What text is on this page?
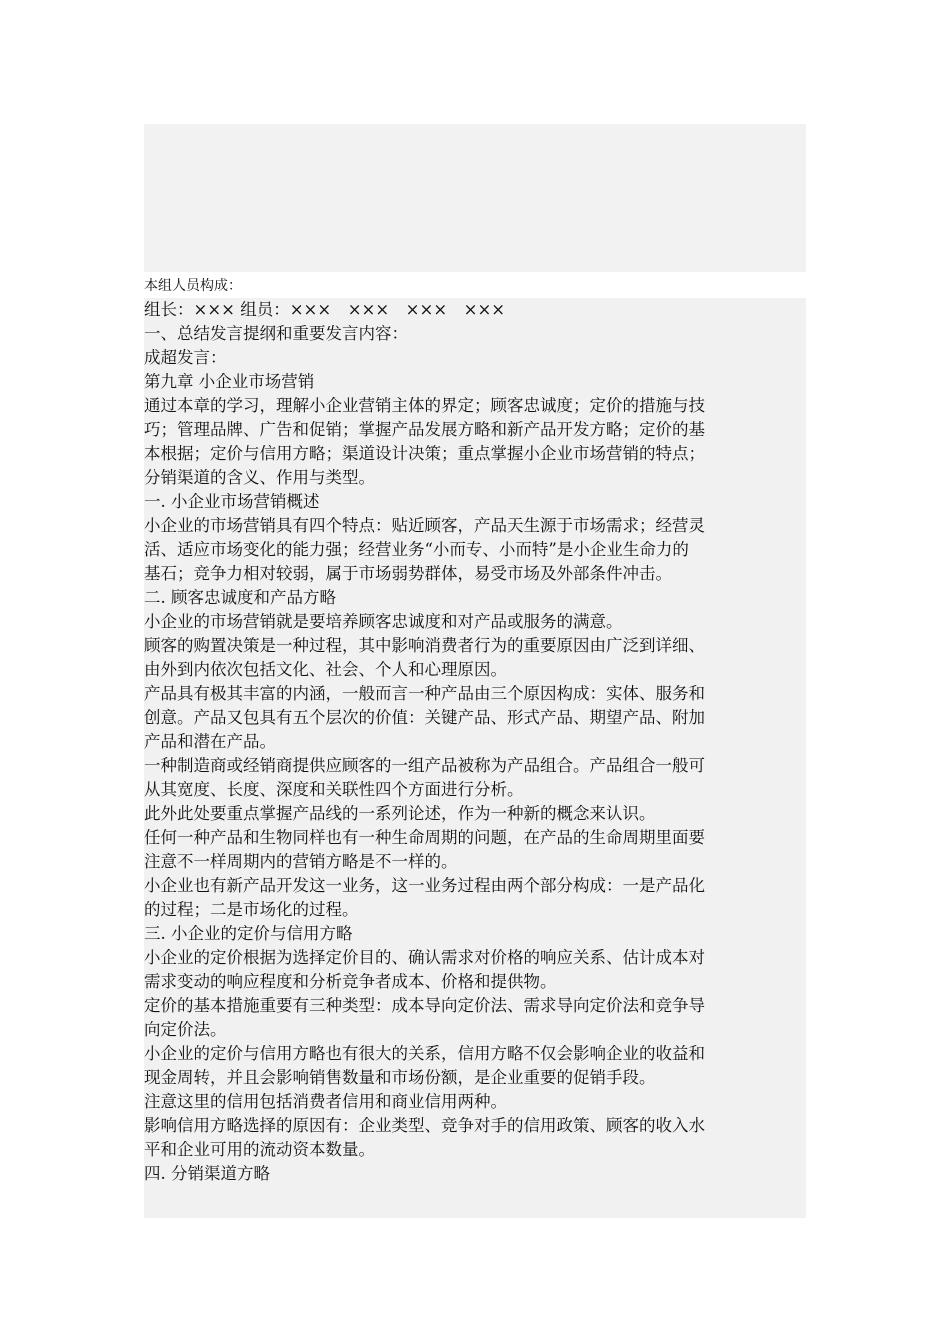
本组人员构成：
组长：××× 组员：×××　×××　×××　×××
一、总结发言提纲和重要发言内容：
成超发言：
第九章 小企业市场营销
通过本章的学习，理解小企业营销主体的界定；顾客忠诚度；定价的措施与技
巧；管理品牌、广告和促销；掌握产品发展方略和新产品开发方略；定价的基
本根据；定价与信用方略；渠道设计决策；重点掌握小企业市场营销的特点；
分销渠道的含义、作用与类型。
一. 小企业市场营销概述
小企业的市场营销具有四个特点：贴近顾客，产品天生源于市场需求；经营灵
活、适应市场变化的能力强；经营业务“小而专、小而特”是小企业生命力的
基石；竞争力相对较弱，属于市场弱势群体，易受市场及外部条件冲击。
二. 顾客忠诚度和产品方略
小企业的市场营销就是要培养顾客忠诚度和对产品或服务的满意。
顾客的购置决策是一种过程，其中影响消费者行为的重要原因由广泛到详细、
由外到内依次包括文化、社会、个人和心理原因。
产品具有极其丰富的内涵，一般而言一种产品由三个原因构成：实体、服务和
创意。产品又包具有五个层次的价值：关键产品、形式产品、期望产品、附加
产品和潜在产品。
一种制造商或经销商提供应顾客的一组产品被称为产品组合。产品组合一般可
从其宽度、长度、深度和关联性四个方面进行分析。
此外此处要重点掌握产品线的一系列论述，作为一种新的概念来认识。
任何一种产品和生物同样也有一种生命周期的问题，在产品的生命周期里面要
注意不一样周期内的营销方略是不一样的。
小企业也有新产品开发这一业务，这一业务过程由两个部分构成：一是产品化
的过程；二是市场化的过程。
三. 小企业的定价与信用方略
小企业的定价根据为选择定价目的、确认需求对价格的响应关系、估计成本对
需求变动的响应程度和分析竞争者成本、价格和提供物。
定价的基本措施重要有三种类型：成本导向定价法、需求导向定价法和竞争导
向定价法。
小企业的定价与信用方略也有很大的关系，信用方略不仅会影响企业的收益和
现金周转，并且会影响销售数量和市场份额，是企业重要的促销手段。
注意这里的信用包括消费者信用和商业信用两种。
影响信用方略选择的原因有：企业类型、竞争对手的信用政策、顾客的收入水
平和企业可用的流动资本数量。
四. 分销渠道方略
